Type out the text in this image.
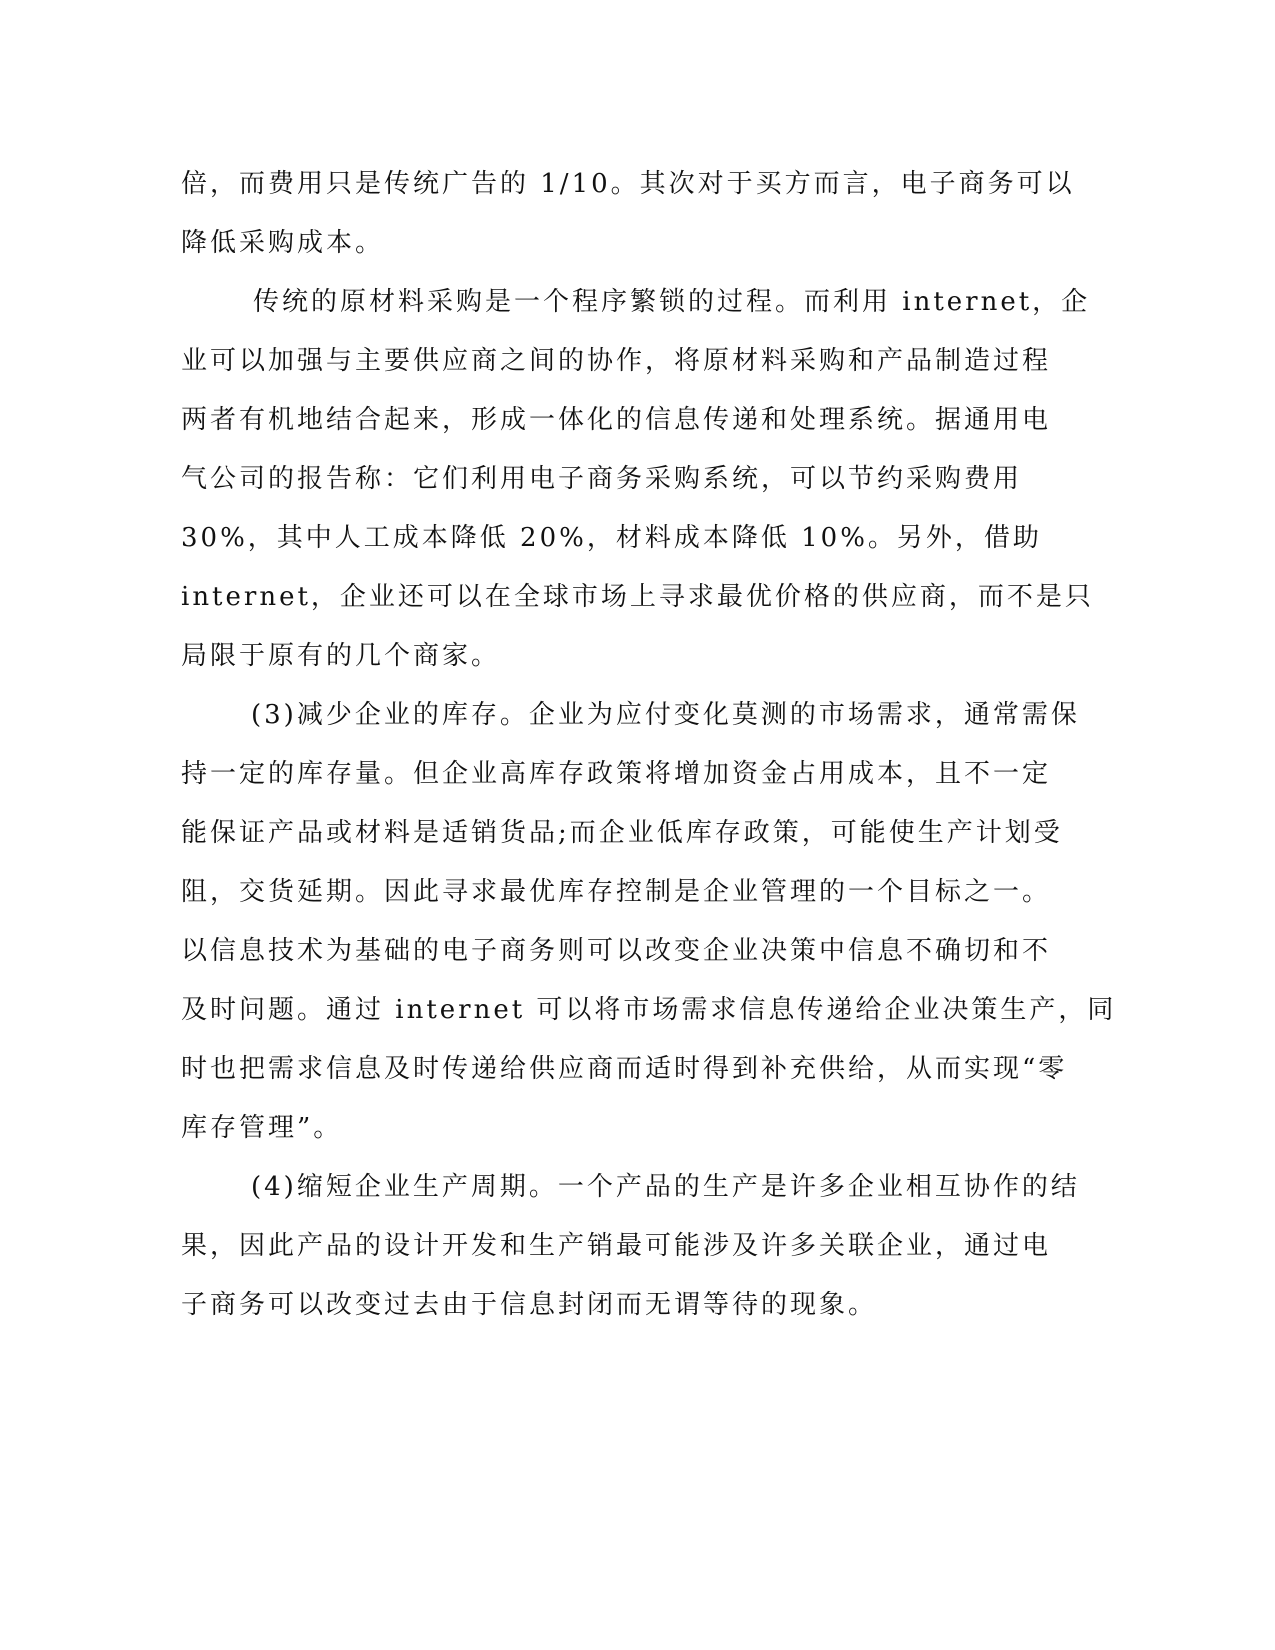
倍，而费用只是传统广告的 1/10。其次对于买方而言，电子商务可以
降低采购成本。
传统的原材料采购是一个程序繁锁的过程。而利用 internet，企
业可以加强与主要供应商之间的协作，将原材料采购和产品制造过程
两者有机地结合起来，形成一体化的信息传递和处理系统。据通用电
气公司的报告称：它们利用电子商务采购系统，可以节约采购费用
30%，其中人工成本降低 20%，材料成本降低 10%。另外，借助
internet，企业还可以在全球市场上寻求最优价格的供应商，而不是只
局限于原有的几个商家。
(3)减少企业的库存。企业为应付变化莫测的市场需求，通常需保
持一定的库存量。但企业高库存政策将增加资金占用成本，且不一定
能保证产品或材料是适销货品;而企业低库存政策，可能使生产计划受
阻，交货延期。因此寻求最优库存控制是企业管理的一个目标之一。
以信息技术为基础的电子商务则可以改变企业决策中信息不确切和不
及时问题。通过 internet 可以将市场需求信息传递给企业决策生产，同
时也把需求信息及时传递给供应商而适时得到补充供给，从而实现“零
库存管理”。
(4)缩短企业生产周期。一个产品的生产是许多企业相互协作的结
果，因此产品的设计开发和生产销最可能涉及许多关联企业，通过电
子商务可以改变过去由于信息封闭而无谓等待的现象。
